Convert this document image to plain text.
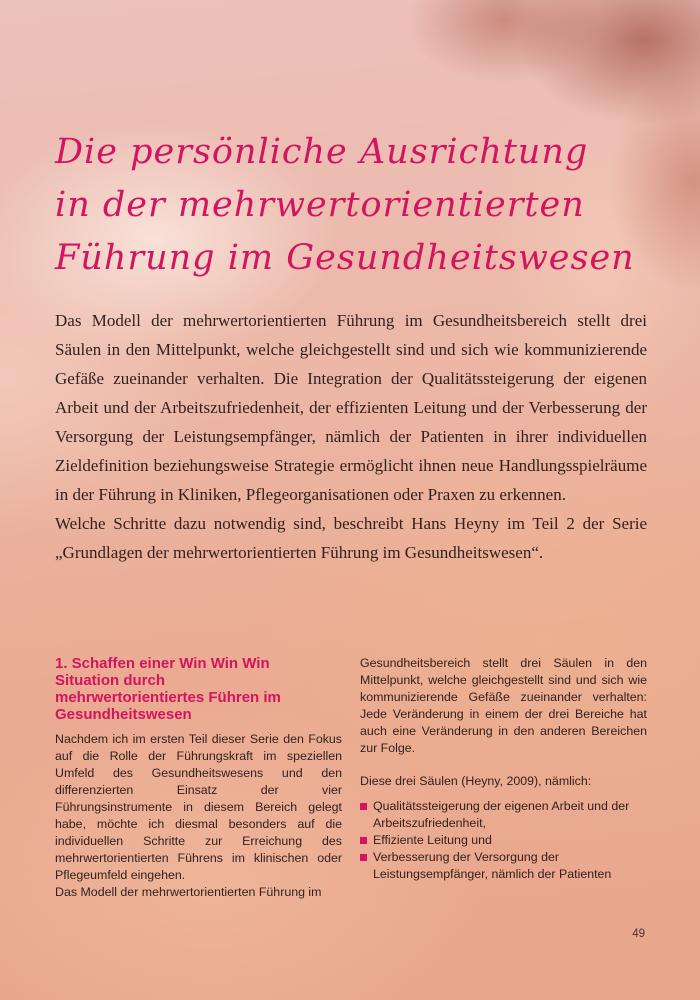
Die persönliche Ausrichtung
in der mehrwertorientierten
Führung im Gesundheitswesen

Das Modell der mehrwertorientierten Führung im Gesundheitsbereich stellt drei Säulen in den Mittelpunkt, welche gleichgestellt sind und sich wie kommunizierende Gefäße zueinander verhalten. Die Integration der Qualitätssteigerung der eigenen Arbeit und der Arbeitszufriedenheit, der effizienten Leitung und der Verbesserung der Versorgung der Leistungsempfänger, nämlich der Patienten in ihrer individuellen Zieldefinition beziehungsweise Strategie ermöglicht ihnen neue Handlungsspielräume in der Führung in Kliniken, Pflegeorganisationen oder Praxen zu erkennen.

Welche Schritte dazu notwendig sind, beschreibt Hans Heyny im Teil 2 der Serie „Grundlagen der mehrwertorientierten Führung im Gesundheitswesen“.

1. Schaffen einer Win Win Win Situation durch mehrwertorientiertes Führen im Gesundheitswesen

Nachdem ich im ersten Teil dieser Serie den Fokus auf die Rolle der Führungskraft im speziellen Umfeld des Gesundheitswesens und den differenzierten Einsatz der vier Führungsinstrumente in diesem Bereich gelegt habe, möchte ich diesmal besonders auf die individuellen Schritte zur Erreichung des mehrwertorientierten Führens im klinischen oder Pflegeumfeld eingehen.

Das Modell der mehrwertorientierten Führung im

Gesundheitsbereich stellt drei Säulen in den Mittelpunkt, welche gleichgestellt sind und sich wie kommunizierende Gefäße zueinander verhalten: Jede Veränderung in einem der drei Bereiche hat auch eine Veränderung in den anderen Bereichen zur Folge.

Diese drei Säulen (Heyny, 2009), nämlich:

Qualitätssteigerung der eigenen Arbeit und der Arbeitszufriedenheit,
Effiziente Leitung und
Verbesserung der Versorgung der Leistungsempfänger, nämlich der Patienten
49
